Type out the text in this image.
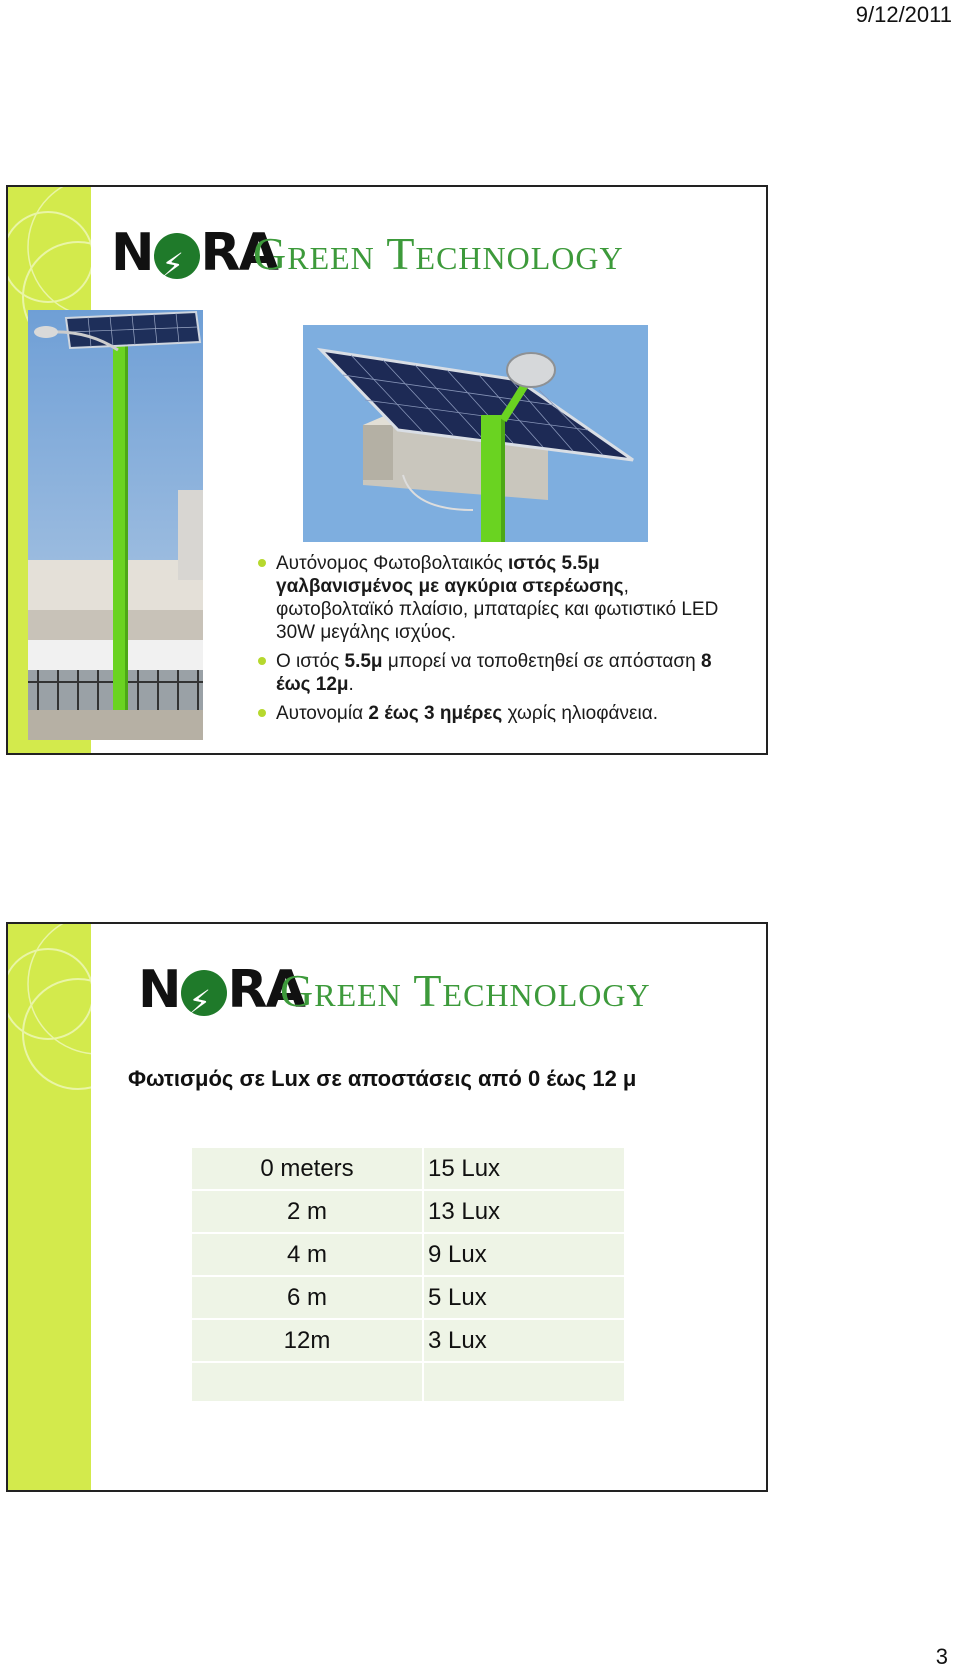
9/12/2011
N ⚡ RA
Green Technology
Αυτόνομος Φωτοβολταικός ιστός 5.5μ γαλβανισμένος με αγκύρια στερέωσης, φωτοβολταϊκό πλαίσιο, μπαταρίες και φωτιστικό LED 30W μεγάλης ισχύος.
Ο ιστός 5.5μ μπορεί να τοποθετηθεί σε απόσταση 8 έως 12μ.
Αυτονομία 2 έως 3 ημέρες χωρίς ηλιοφάνεια.
N ⚡ RA
Green Technology
Φωτισμός σε Lux σε αποστάσεις από 0 έως 12 μ
0 meters	15 Lux
2 m	13 Lux
4 m	9 Lux
6 m	5 Lux
12m	3 Lux

3
